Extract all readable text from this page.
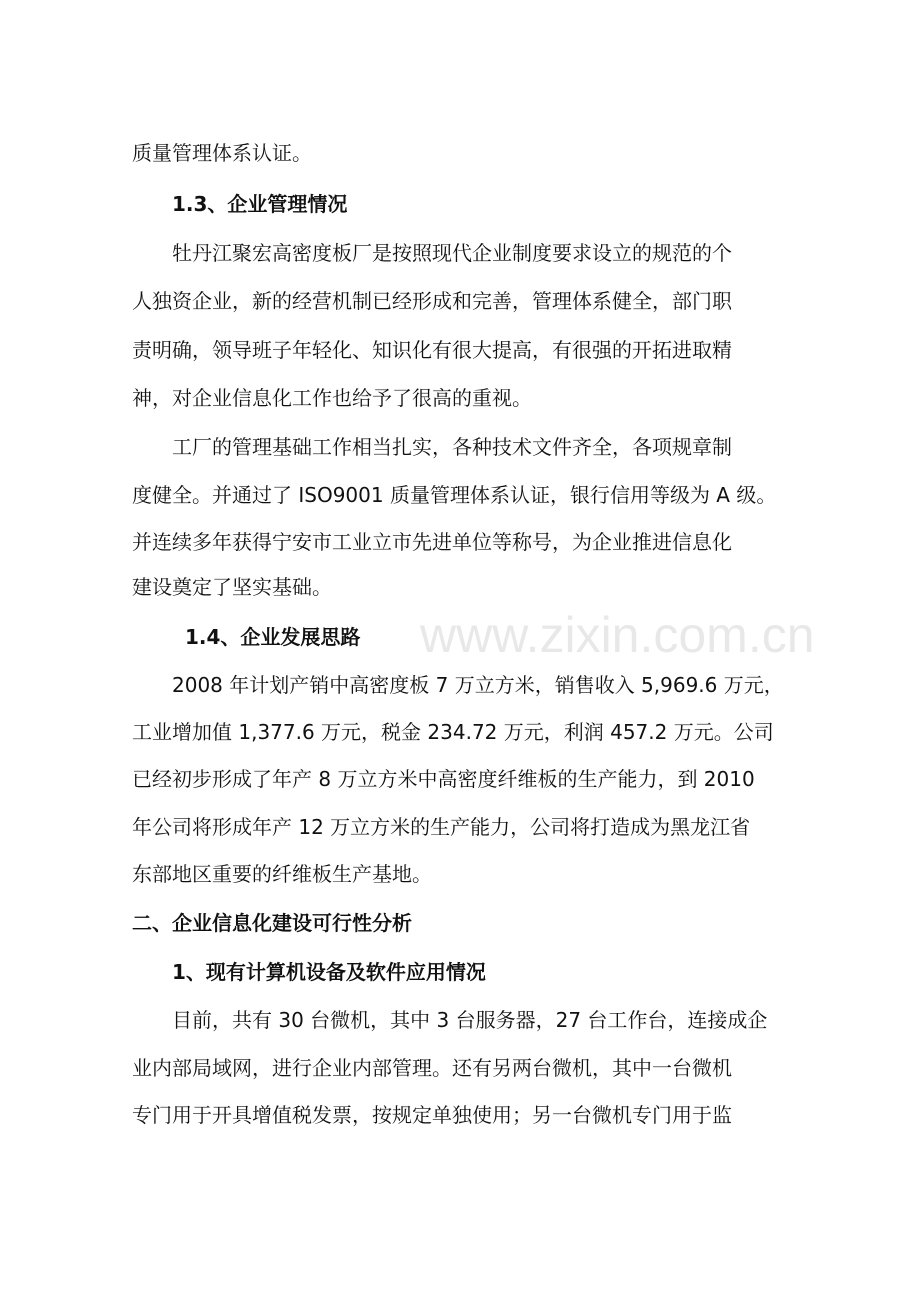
www.zixin.com.cn
质量管理体系认证。
1.3、企业管理情况
牡丹江聚宏高密度板厂是按照现代企业制度要求设立的规范的个
人独资企业，新的经营机制已经形成和完善，管理体系健全，部门职
责明确，领导班子年轻化、知识化有很大提高，有很强的开拓进取精
神，对企业信息化工作也给予了很高的重视。
工厂的管理基础工作相当扎实，各种技术文件齐全，各项规章制
度健全。并通过了 ISO9001 质量管理体系认证，银行信用等级为 A 级。
并连续多年获得宁安市工业立市先进单位等称号，为企业推进信息化
建设奠定了坚实基础。
1.4、企业发展思路
2008 年计划产销中高密度板 7 万立方米，销售收入 5,969.6 万元，
工业增加值 1,377.6 万元，税金 234.72 万元，利润 457.2 万元。公司
已经初步形成了年产 8 万立方米中高密度纤维板的生产能力，到 2010
年公司将形成年产 12 万立方米的生产能力，公司将打造成为黑龙江省
东部地区重要的纤维板生产基地。
二、企业信息化建设可行性分析
1、现有计算机设备及软件应用情况
目前，共有 30 台微机，其中 3 台服务器，27 台工作台，连接成企
业内部局域网，进行企业内部管理。还有另两台微机，其中一台微机
专门用于开具增值税发票，按规定单独使用；另一台微机专门用于监
